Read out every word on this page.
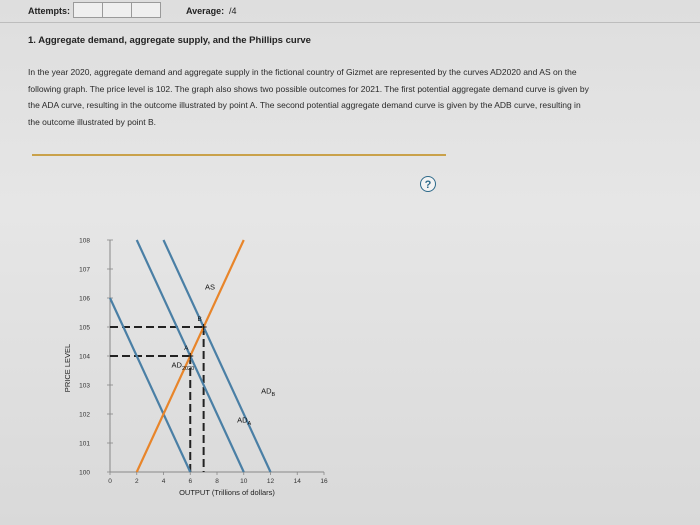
Attempts:	Average: /4
1. Aggregate demand, aggregate supply, and the Phillips curve

In the year 2020, aggregate demand and aggregate supply in the fictional country of Gizmet are represented by the curves AD2020 and AS on the

following graph. The price level is 102. The graph also shows two possible outcomes for 2021. The first potential aggregate demand curve is given by

the ADA curve, resulting in the outcome illustrated by point A. The second potential aggregate demand curve is given by the ADB curve, resulting in

the outcome illustrated by point B.

?
0	2	4	6	8	10	12	14	16
100
101
102
103
104
105
106
107
108
OUTPUT (Trillions of dollars)
PRICE LEVEL	$AD_{2020}$
$AD_A$
$AD_B$
AS
A
B
